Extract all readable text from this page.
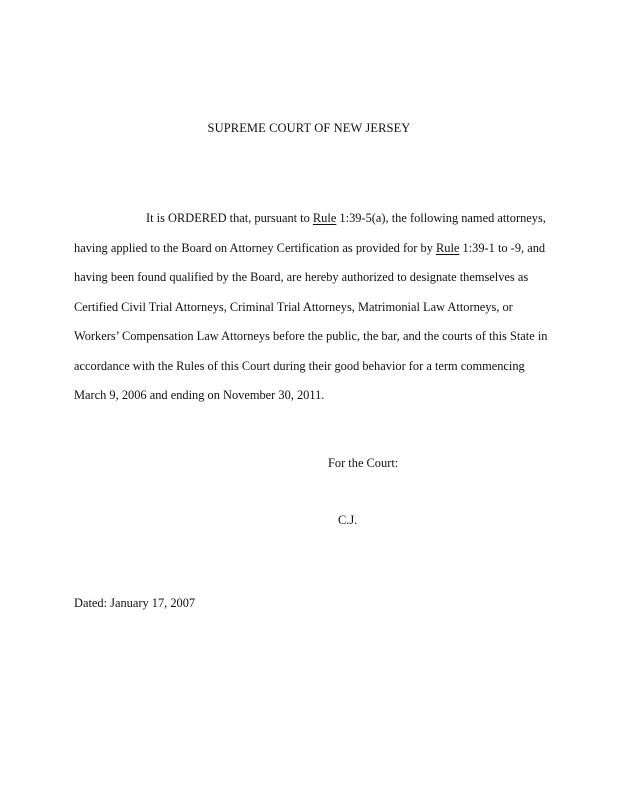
SUPREME COURT OF NEW JERSEY
It is ORDERED that, pursuant to Rule 1:39-5(a), the following named attorneys,
having applied to the Board on Attorney Certification as provided for by Rule 1:39-1 to -9, and
having been found qualified by the Board, are hereby authorized to designate themselves as
Certified Civil Trial Attorneys, Criminal Trial Attorneys, Matrimonial Law Attorneys, or
Workers’ Compensation Law Attorneys before the public, the bar, and the courts of this State in
accordance with the Rules of this Court during their good behavior for a term commencing
March 9, 2006 and ending on November 30, 2011.
For the Court:
C.J.
Dated: January 17, 2007
